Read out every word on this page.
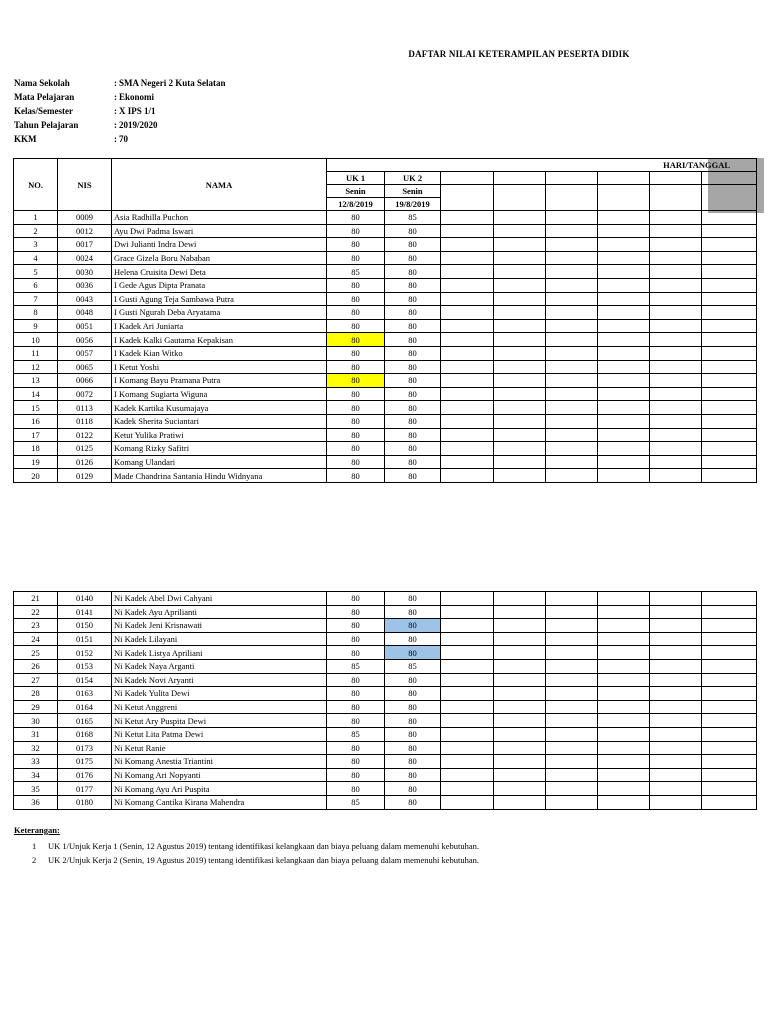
DAFTAR NILAI KETERAMPILAN PESERTA DIDIK
Nama Sekolah	: SMA Negeri 2 Kuta Selatan
Mata Pelajaran	: Ekonomi
Kelas/Semester	: X IPS 1/1
Tahun Pelajaran	: 2019/2020
KKM	: 70
NO.	NIS	NAMA	HARI/TANGGAL							
			UK 1	UK 2						
			Senin	Senin						
			12/8/2019	19/8/2019						
1	0009	Asia Radhilla Puchon	80	85						
2	0012	Ayu Dwi Padma Iswari	80	80						
3	0017	Dwi Julianti Indra Dewi	80	80						
4	0024	Grace Gizela Boru Nababan	80	80						
5	0030	Helena Cruisita Dewi Deta	85	80						
6	0036	I Gede Agus Dipta Pranata	80	80						
7	0043	I Gusti Agung Teja Sambawa Putra	80	80						
8	0048	I Gusti Ngurah Deba Aryatama	80	80						
9	0051	I Kadek Ari Juniarta	80	80						
10	0056	I Kadek Kalki Gautama Kepakisan	80	80						
11	0057	I Kadek Kian Witko	80	80						
12	0065	I Ketut Yoshi	80	80						
13	0066	I Komang Bayu Pramana Putra	80	80						
14	0072	I Komang Sugiarta Wiguna	80	80						
15	0113	Kadek Kartika Kusumajaya	80	80						
16	0118	Kadek Sherita Suciantari	80	80						
17	0122	Ketut Yulika Pratiwi	80	80						
18	0125	Komang Rizky Safitri	80	80						
19	0126	Komang Ulandari	80	80						
20	0129	Made Chandrina Santania Hindu Widnyana	80	80						
21	0140	Ni Kadek Abel Dwi Cahyani	80	80						
22	0141	Ni Kadek Ayu Aprilianti	80	80						
23	0150	Ni Kadek Jeni Krisnawati	80	80						
24	0151	Ni Kadek Lilayani	80	80						
25	0152	Ni Kadek Listya Apriliani	80	80						
26	0153	Ni Kadek Naya Arganti	85	85						
27	0154	Ni Kadek Novi Aryanti	80	80						
28	0163	Ni Kadek Yulita Dewi	80	80						
29	0164	Ni Ketut Anggreni	80	80						
30	0165	Ni Ketut Ary Puspita Dewi	80	80						
31	0168	Ni Ketut Lita Patma Dewi	85	80						
32	0173	Ni Ketut Ranie	80	80						
33	0175	Ni Komang Anestia Triantini	80	80						
34	0176	Ni Komang Ari Nopyanti	80	80						
35	0177	Ni Komang Ayu Ari Puspita	80	80						
36	0180	Ni Komang Cantika Kirana Mahendra	85	80						
Keterangan:
1	UK 1/Unjuk Kerja 1 (Senin, 12 Agustus 2019) tentang identifikasi kelangkaan dan biaya peluang dalam memenuhi kebutuhan.
2	UK 2/Unjuk Kerja 2 (Senin, 19 Agustus 2019) tentang identifikasi kelangkaan dan biaya peluang dalam memenuhi kebutuhan.
